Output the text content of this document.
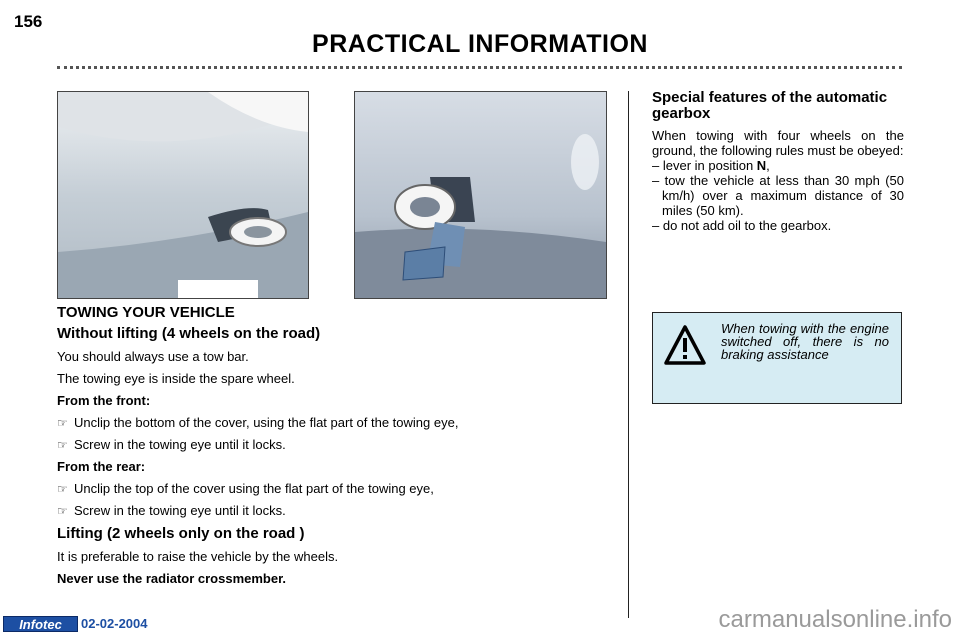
156
PRACTICAL INFORMATION

TOWING YOUR VEHICLE

Without lifting (4 wheels on the road)

You should always use a tow bar.

The towing eye is inside the spare wheel.

From the front:

☞ Unclip the bottom of the cover, using the flat part of the towing eye,

☞ Screw in the towing eye until it locks.

From the rear:

☞ Unclip the top of the cover using the flat part of the towing eye,

☞ Screw in the towing eye until it locks.

Lifting (2 wheels only on the road )

It is preferable to raise the vehicle by the wheels.

Never use the radiator crossmember.

Special features of the automatic gearbox

When towing with four wheels on the ground, the following rules must be obeyed:

– lever in position N,

– tow the vehicle at less than 30 mph (50 km/h) over a maximum distance of 30 miles (50 km).

– do not add oil to the gearbox.

When towing with the engine switched off, there is no braking assistance
Infotec	02-02-2004	carmanualsonline.info
